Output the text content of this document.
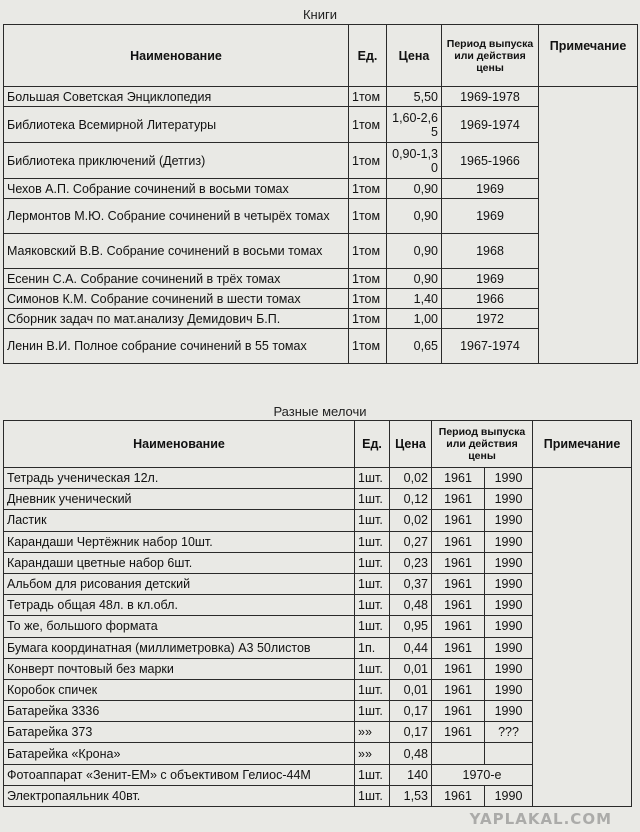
Книги
Наименование	Ед.	Цена	Период выпуска или действия цены	Примечание
Большая Советская Энциклопедия	1том	5,50	1969-1978	
Библиотека Всемирной Литературы	1том	1,60-2,65	1969-1974	
Библиотека приключений (Детгиз)	1том	0,90-1,30	1965-1966	
Чехов А.П. Собрание сочинений в восьми томах	1том	0,90	1969	
Лермонтов М.Ю. Собрание сочинений в четырёх томах	1том	0,90	1969	
Маяковский В.В. Собрание сочинений в восьми томах	1том	0,90	1968	
Есенин С.А. Собрание сочинений в трёх томах	1том	0,90	1969	
Симонов К.М. Собрание сочинений в шести томах	1том	1,40	1966	
Сборник задач по мат.анализу Демидович Б.П.	1том	1,00	1972	
Ленин В.И. Полное собрание сочинений в 55 томах	1том	0,65	1967-1974	
Разные мелочи
Наименование	Ед.	Цена	Период выпуска или действия цены		Примечание
Тетрадь ученическая 12л.	1шт.	0,02	1961	1990	
Дневник ученический	1шт.	0,12	1961	1990	
Ластик	1шт.	0,02	1961	1990	
Карандаши Чертёжник набор 10шт.	1шт.	0,27	1961	1990	
Карандаши цветные набор 6шт.	1шт.	0,23	1961	1990	
Альбом для рисования детский	1шт.	0,37	1961	1990	
Тетрадь общая 48л. в кл.обл.	1шт.	0,48	1961	1990	
То же, большого формата	1шт.	0,95	1961	1990	
Бумага координатная (миллиметровка) А3 50листов	1п.	0,44	1961	1990	
Конверт почтовый без марки	1шт.	0,01	1961	1990	
Коробок спичек	1шт.	0,01	1961	1990	
Батарейка 3336	1шт.	0,17	1961	1990	
Батарейка 373	»»	0,17	1961	???	
Батарейка «Крона»	»»	0,48			
Фотоаппарат «Зенит-ЕМ» с объективом Гелиос-44М	1шт.	140	1970-е		
Электропаяльник 40вт.	1шт.	1,53	1961	1990	
YAPLAKAL.COM
